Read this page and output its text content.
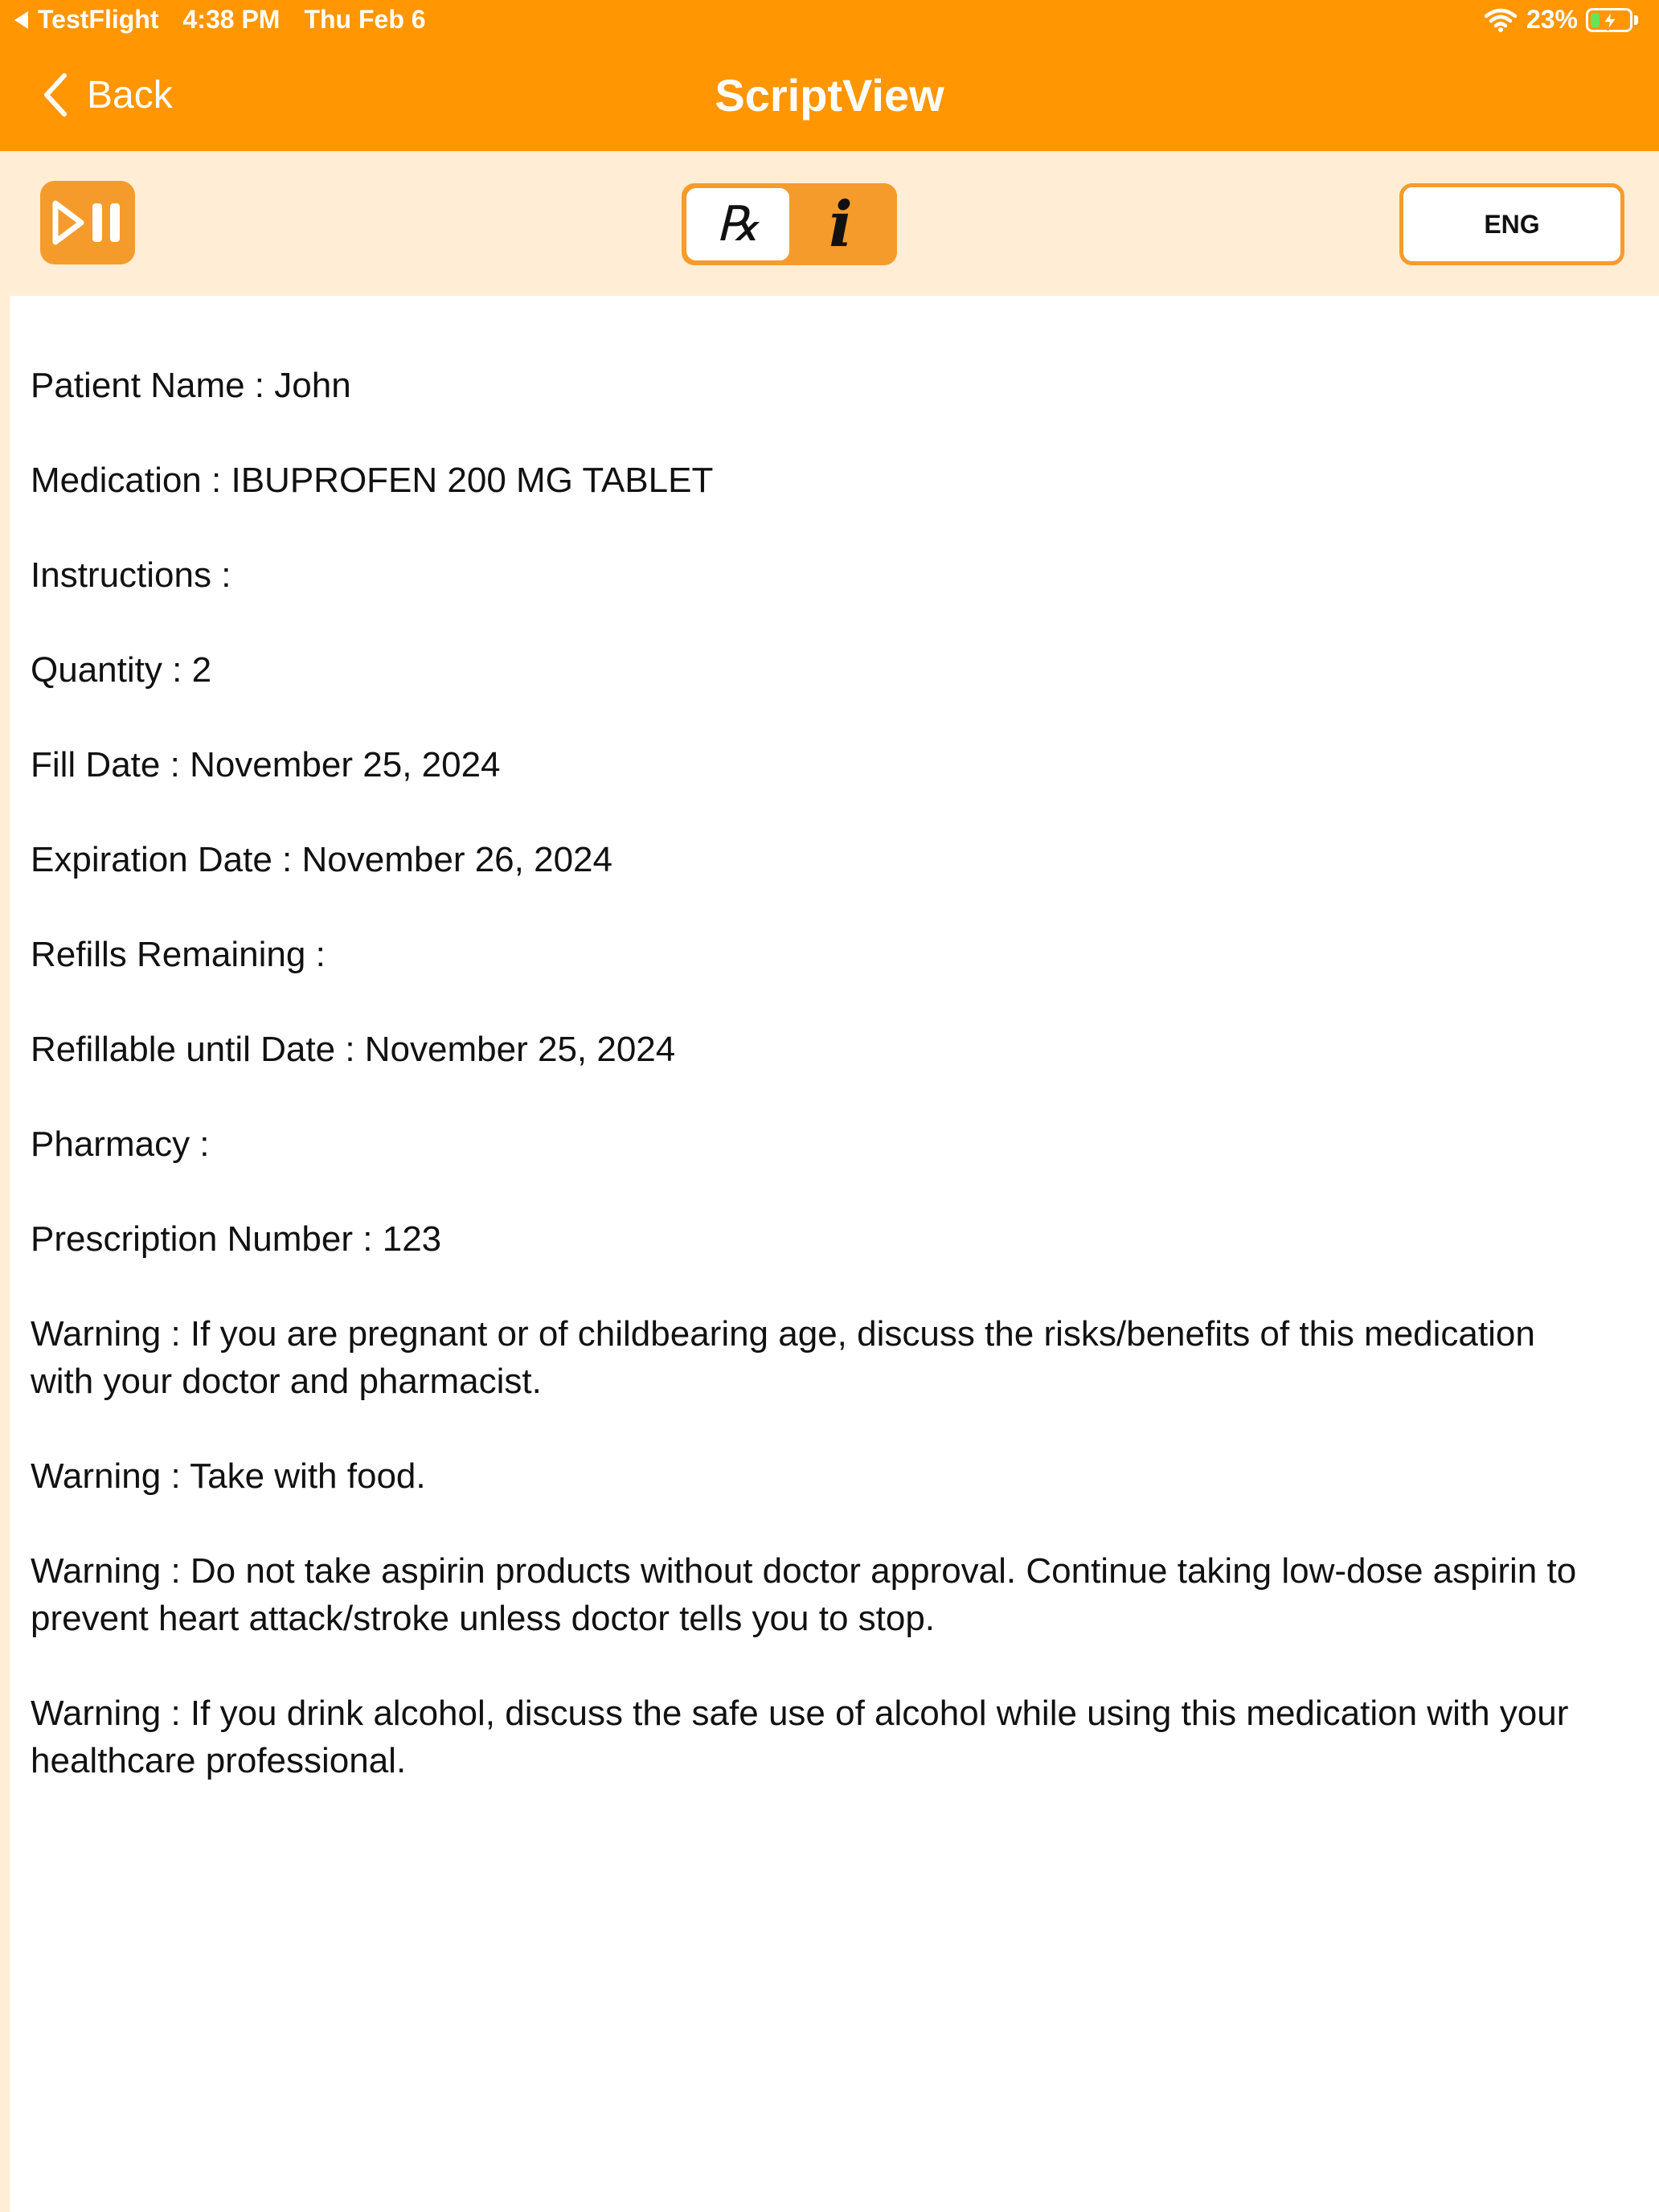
TestFlight 4:38 PM Thu Feb 6	23%
Back	ScriptView
℞ i	ENG
Patient Name : John
Medication : IBUPROFEN 200 MG TABLET
Instructions :
Quantity : 2
Fill Date : November 25, 2024
Expiration Date : November 26, 2024
Refills Remaining :
Refillable until Date : November 25, 2024
Pharmacy :
Prescription Number : 123
Warning : If you are pregnant or of childbearing age, discuss the risks/benefits of this medication with your doctor and pharmacist.
Warning : Take with food.
Warning : Do not take aspirin products without doctor approval. Continue taking low-dose aspirin to prevent heart attack/stroke unless doctor tells you to stop.
Warning : If you drink alcohol, discuss the safe use of alcohol while using this medication with your healthcare professional.
